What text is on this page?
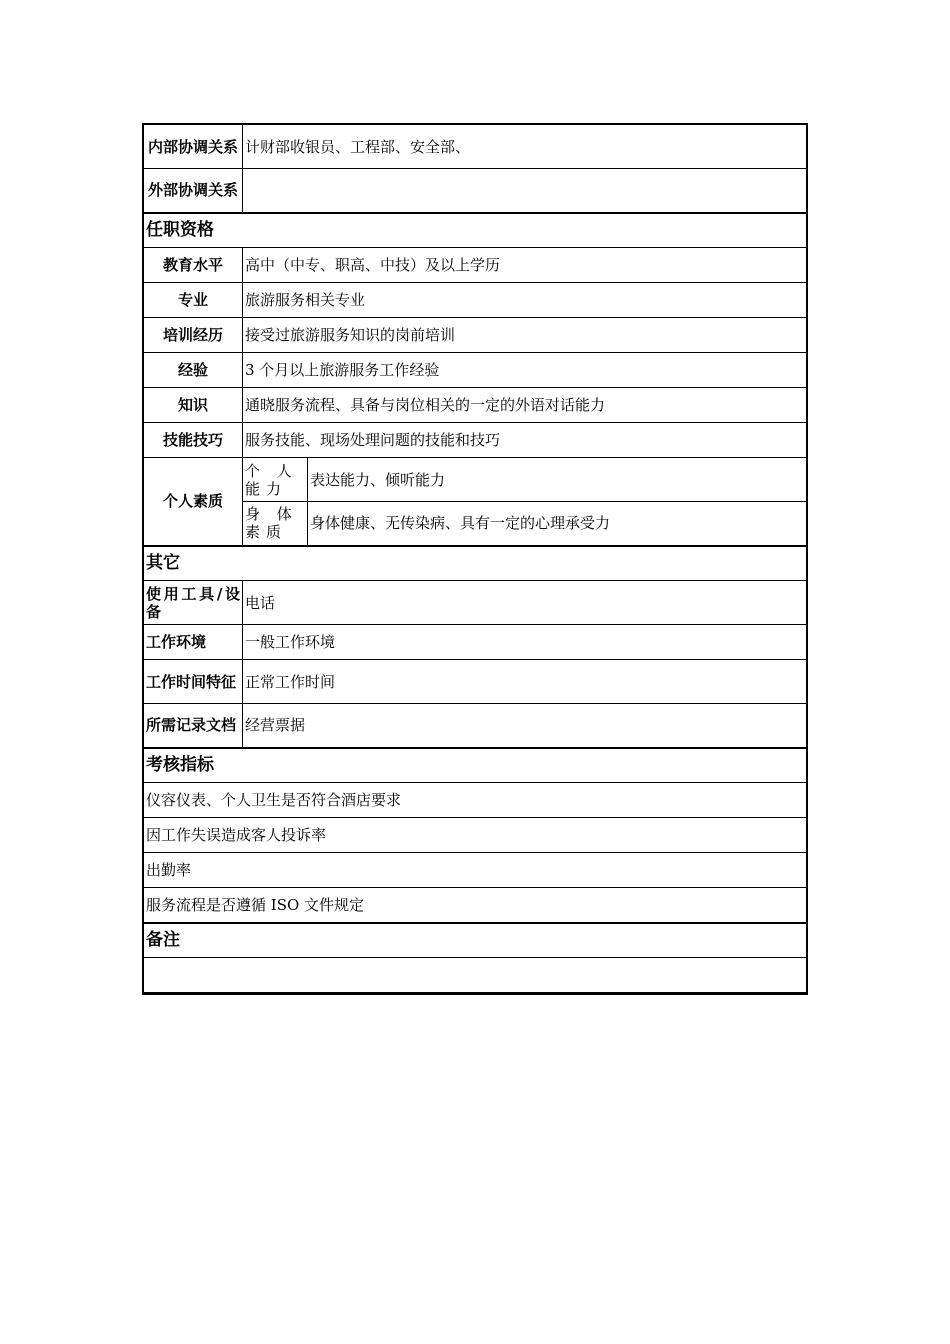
内部协调关系	计财部收银员、工程部、安全部、	
外部协调关系		
任职资格		
教育水平	高中（中专、职高、中技）及以上学历	
专业	旅游服务相关专业	
培训经历	接受过旅游服务知识的岗前培训	
经验	3 个月以上旅游服务工作经验	
知识	通晓服务流程、具备与岗位相关的一定的外语对话能力	
技能技巧	服务技能、现场处理问题的技能和技巧	
个人素质	个 人 能力	表达能力、倾听能力
	身 体 素质	身体健康、无传染病、具有一定的心理承受力
其它		
使用工具/设备	电话	
工作环境	一般工作环境	
工作时间特征	正常工作时间	
所需记录文档	经营票据	
考核指标		
仪容仪表、个人卫生是否符合酒店要求		
因工作失误造成客人投诉率		
出勤率		
服务流程是否遵循 ISO 文件规定		
备注		
